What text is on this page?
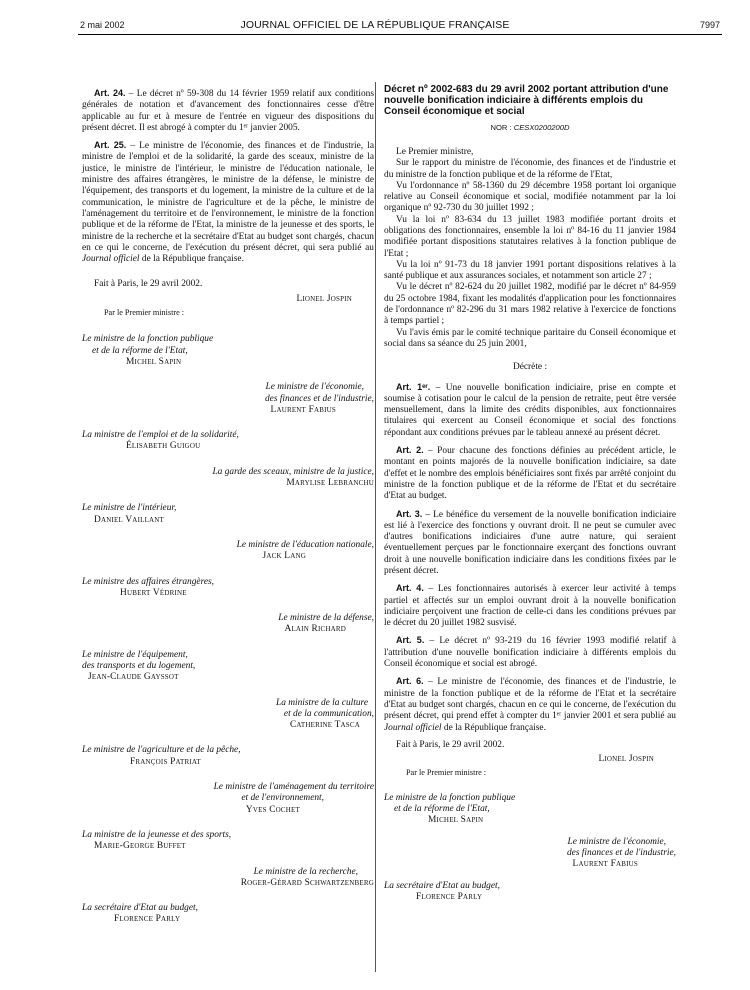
2 mai 2002	JOURNAL OFFICIEL DE LA RÉPUBLIQUE FRANÇAISE	7997

Art. 24. – Le décret nº 59-308 du 14 février 1959 relatif aux conditions générales de notation et d'avancement des fonctionnaires cesse d'être applicable au fur et à mesure de l'entrée en vigueur des dispositions du présent décret. Il est abrogé à compter du 1ᵉʳ janvier 2005.

Art. 25. – Le ministre de l'économie, des finances et de l'industrie, la ministre de l'emploi et de la solidarité, la garde des sceaux, ministre de la justice, le ministre de l'intérieur, le ministre de l'éducation nationale, le ministre des affaires étrangères, le ministre de la défense, le ministre de l'équipement, des transports et du logement, la ministre de la culture et de la communication, le ministre de l'agriculture et de la pêche, le ministre de l'aménagement du territoire et de l'environnement, le ministre de la fonction publique et de la réforme de l'Etat, la ministre de la jeunesse et des sports, le ministre de la recherche et la secrétaire d'Etat au budget sont chargés, chacun en ce qui le concerne, de l'exécution du présent décret, qui sera publié au Journal officiel de la République française.

Fait à Paris, le 29 avril 2002.
Lionel Jospin
Par le Premier ministre :
Le ministre de la fonction publique
et de la réforme de l'Etat,
Michel Sapin
Le ministre de l'économie,
des finances et de l'industrie,
Laurent Fabius
La ministre de l'emploi et de la solidarité,
Élisabeth Guigou
La garde des sceaux, ministre de la justice,
Marylise Lebranchu
Le ministre de l'intérieur,
Daniel Vaillant
Le ministre de l'éducation nationale,
Jack Lang
Le ministre des affaires étrangères,
Hubert Védrine
Le ministre de la défense,
Alain Richard
Le ministre de l'équipement,
des transports et du logement,
Jean-Claude Gayssot
La ministre de la culture
et de la communication,
Catherine Tasca
Le ministre de l'agriculture et de la pêche,
François Patriat
Le ministre de l'aménagement du territoire
et de l'environnement,
Yves Cochet
La ministre de la jeunesse et des sports,
Marie-George Buffet
Le ministre de la recherche,
Roger-Gérard Schwartzenberg
La secrétaire d'Etat au budget,
Florence Parly
Décret nº 2002-683 du 29 avril 2002 portant attribution d'une nouvelle bonification indiciaire à différents emplois du Conseil économique et social
NOR : CESX0200200D

Le Premier ministre,

Sur le rapport du ministre de l'économie, des finances et de l'industrie et du ministre de la fonction publique et de la réforme de l'Etat,

Vu l'ordonnance nº 58-1360 du 29 décembre 1958 portant loi organique relative au Conseil économique et social, modifiée notamment par la loi organique nº 92-730 du 30 juillet 1992 ;

Vu la loi nº 83-634 du 13 juillet 1983 modifiée portant droits et obligations des fonctionnaires, ensemble la loi nº 84-16 du 11 janvier 1984 modifiée portant dispositions statutaires relatives à la fonction publique de l'Etat ;

Vu la loi nº 91-73 du 18 janvier 1991 portant dispositions relatives à la santé publique et aux assurances sociales, et notamment son article 27 ;

Vu le décret nº 82-624 du 20 juillet 1982, modifié par le décret nº 84-959 du 25 octobre 1984, fixant les modalités d'application pour les fonctionnaires de l'ordonnance nº 82-296 du 31 mars 1982 relative à l'exercice de fonctions à temps partiel ;

Vu l'avis émis par le comité technique paritaire du Conseil économique et social dans sa séance du 25 juin 2001,

Décrète :

Art. 1ᵉʳ. – Une nouvelle bonification indiciaire, prise en compte et soumise à cotisation pour le calcul de la pension de retraite, peut être versée mensuellement, dans la limite des crédits disponibles, aux fonctionnaires titulaires qui exercent au Conseil économique et social des fonctions répondant aux conditions prévues par le tableau annexé au présent décret.

Art. 2. – Pour chacune des fonctions définies au précédent article, le montant en points majorés de la nouvelle bonification indiciaire, sa date d'effet et le nombre des emplois bénéficiaires sont fixés par arrêté conjoint du ministre de la fonction publique et de la réforme de l'Etat et du secrétaire d'Etat au budget.

Art. 3. – Le bénéfice du versement de la nouvelle bonification indiciaire est lié à l'exercice des fonctions y ouvrant droit. Il ne peut se cumuler avec d'autres bonifications indiciaires d'une autre nature, qui seraient éventuellement perçues par le fonctionnaire exerçant des fonctions ouvrant droit à une nouvelle bonification indiciaire dans les conditions fixées par le présent décret.

Art. 4. – Les fonctionnaires autorisés à exercer leur activité à temps partiel et affectés sur un emploi ouvrant droit à la nouvelle bonification indiciaire perçoivent une fraction de celle-ci dans les conditions prévues par le décret du 20 juillet 1982 susvisé.

Art. 5. – Le décret nº 93-219 du 16 février 1993 modifié relatif à l'attribution d'une nouvelle bonification indiciaire à différents emplois du Conseil économique et social est abrogé.

Art. 6. – Le ministre de l'économie, des finances et de l'industrie, le ministre de la fonction publique et de la réforme de l'Etat et la secrétaire d'Etat au budget sont chargés, chacun en ce qui le concerne, de l'exécution du présent décret, qui prend effet à compter du 1ᵉʳ janvier 2001 et sera publié au Journal officiel de la République française.

Fait à Paris, le 29 avril 2002.
Lionel Jospin
Par le Premier ministre :
Le ministre de la fonction publique
et de la réforme de l'Etat,
Michel Sapin
Le ministre de l'économie,
des finances et de l'industrie,
Laurent Fabius
La secrétaire d'Etat au budget,
Florence Parly
